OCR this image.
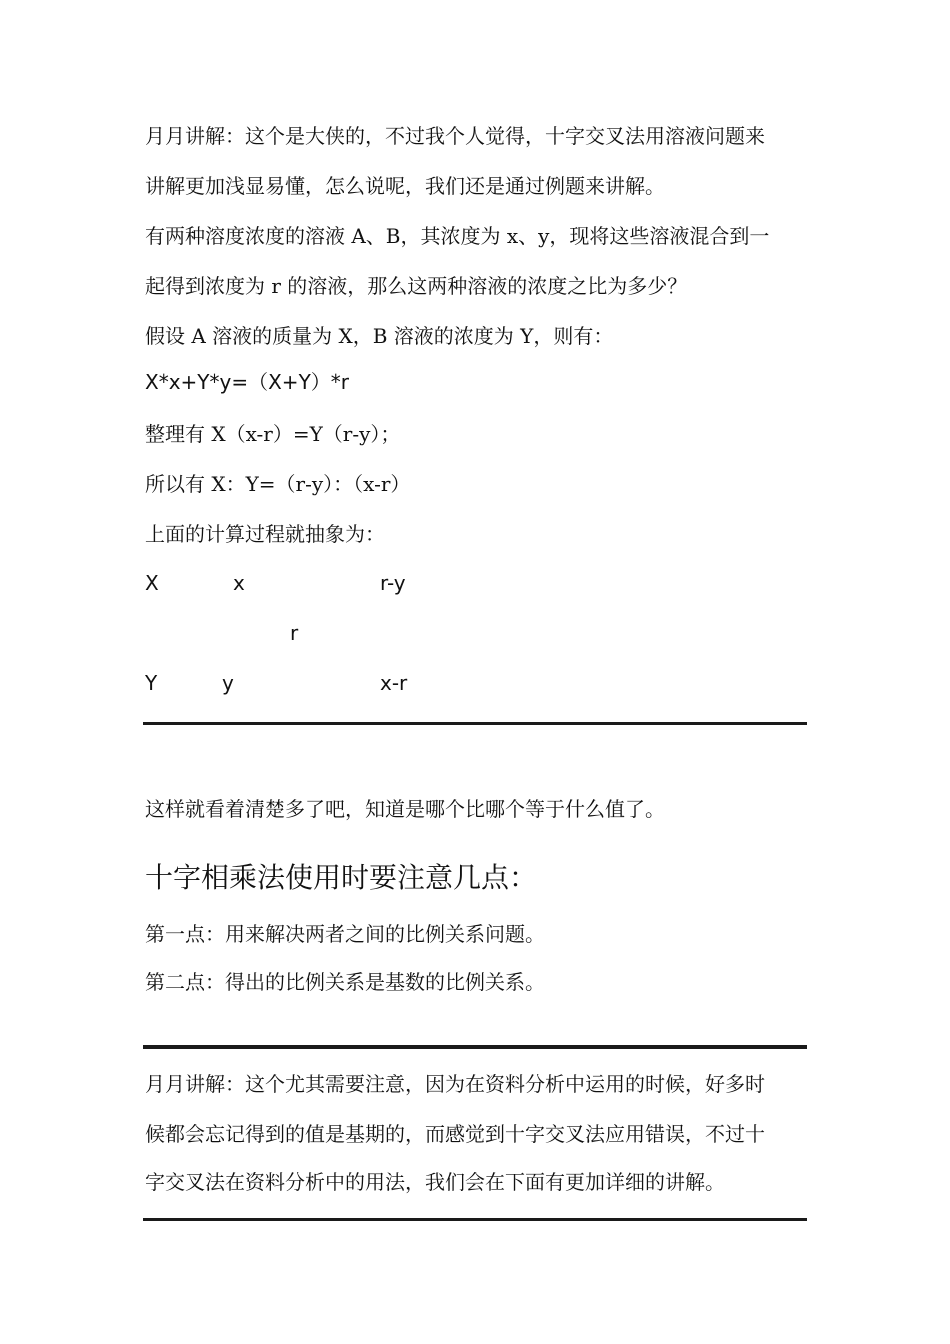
月月讲解：这个是大侠的，不过我个人觉得，十字交叉法用溶液问题来
讲解更加浅显易懂，怎么说呢，我们还是通过例题来讲解。
有两种溶度浓度的溶液 A、B，其浓度为 x、y，现将这些溶液混合到一
起得到浓度为 r 的溶液，那么这两种溶液的浓度之比为多少？
假设 A 溶液的质量为 X，B 溶液的浓度为 Y，则有：
X*x+Y*y=（X+Y）*r
整理有 X（x-r）=Y（r-y）；
所以有 X：Y=（r-y）：（x-r）
上面的计算过程就抽象为：
X	x	r-y
r
Y	y	x-r
这样就看着清楚多了吧，知道是哪个比哪个等于什么值了。
十字相乘法使用时要注意几点：
第一点：用来解决两者之间的比例关系问题。
第二点：得出的比例关系是基数的比例关系。
月月讲解：这个尤其需要注意，因为在资料分析中运用的时候，好多时
候都会忘记得到的值是基期的，而感觉到十字交叉法应用错误，不过十
字交叉法在资料分析中的用法，我们会在下面有更加详细的讲解。
